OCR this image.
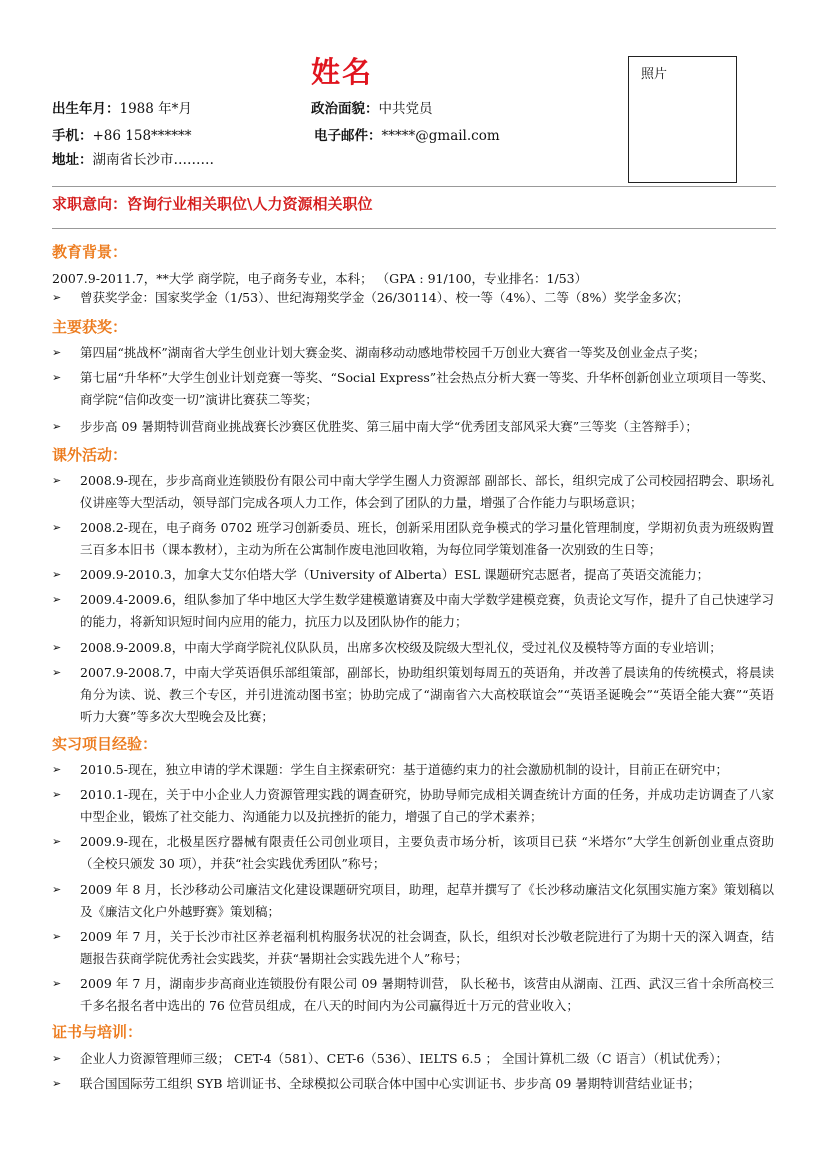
姓名	照片
出生年月：1988 年*月	政治面貌：中共党员
手机：+86 158******	电子邮件：*****@gmail.com
地址：湖南省长沙市………
求职意向：咨询行业相关职位\人力资源相关职位
教育背景：
2007.9-2011.7，**大学 商学院，电子商务专业，本科； （GPA : 91/100，专业排名：1/53）
➢ 曾获奖学金：国家奖学金（1/53）、世纪海翔奖学金（26/30114）、校一等（4%）、二等（8%）奖学金多次；
主要获奖：
➢ 第四届“挑战杯”湖南省大学生创业计划大赛金奖、湖南移动动感地带校园千万创业大赛省一等奖及创业金点子奖；
➢ 第七届“升华杯”大学生创业计划竞赛一等奖、“Social Express”社会热点分析大赛一等奖、升华杯创新创业立项项目一等奖、商学院“信仰改变一切”演讲比赛获二等奖；
➢ 步步高 09 暑期特训营商业挑战赛长沙赛区优胜奖、第三届中南大学“优秀团支部风采大赛”三等奖（主答辩手）；
课外活动：
➢ 2008.9-现在，步步高商业连锁股份有限公司中南大学学生圈人力资源部 副部长、部长，组织完成了公司校园招聘会、职场礼仪讲座等大型活动，领导部门完成各项人力工作，体会到了团队的力量，增强了合作能力与职场意识；
➢ 2008.2-现在，电子商务 0702 班学习创新委员、班长，创新采用团队竞争模式的学习量化管理制度，学期初负责为班级购置三百多本旧书（课本教材），主动为所在公寓制作废电池回收箱，为每位同学策划准备一次别致的生日等；
➢ 2009.9-2010.3，加拿大艾尔伯塔大学（University of Alberta）ESL 课题研究志愿者，提高了英语交流能力；
➢ 2009.4-2009.6，组队参加了华中地区大学生数学建模邀请赛及中南大学数学建模竞赛，负责论文写作，提升了自己快速学习的能力，将新知识短时间内应用的能力，抗压力以及团队协作的能力；
➢ 2008.9-2009.8，中南大学商学院礼仪队队员，出席多次校级及院级大型礼仪，受过礼仪及模特等方面的专业培训；
➢ 2007.9-2008.7，中南大学英语俱乐部组策部，副部长，协助组织策划每周五的英语角，并改善了晨读角的传统模式，将晨读角分为读、说、教三个专区，并引进流动图书室；协助完成了“湖南省六大高校联谊会”“英语圣诞晚会”“英语全能大赛”“英语听力大赛”等多次大型晚会及比赛；
实习项目经验：
➢ 2010.5-现在，独立申请的学术课题：学生自主探索研究：基于道德约束力的社会激励机制的设计，目前正在研究中；
➢ 2010.1-现在，关于中小企业人力资源管理实践的调查研究，协助导师完成相关调查统计方面的任务，并成功走访调查了八家中型企业，锻炼了社交能力、沟通能力以及抗挫折的能力，增强了自己的学术素养；
➢ 2009.9-现在，北极星医疗器械有限责任公司创业项目，主要负责市场分析，该项目已获 “米塔尔”大学生创新创业重点资助（全校只颁发 30 项），并获“社会实践优秀团队”称号；
➢ 2009 年 8 月，长沙移动公司廉洁文化建设课题研究项目，助理，起草并撰写了《长沙移动廉洁文化氛围实施方案》策划稿以及《廉洁文化户外越野赛》策划稿；
➢ 2009 年 7 月，关于长沙市社区养老福利机构服务状况的社会调查，队长，组织对长沙敬老院进行了为期十天的深入调查，结题报告获商学院优秀社会实践奖，并获“暑期社会实践先进个人”称号；
➢ 2009 年 7 月，湖南步步高商业连锁股份有限公司 09 暑期特训营， 队长秘书，该营由从湖南、江西、武汉三省十余所高校三千多名报名者中选出的 76 位营员组成，在八天的时间内为公司赢得近十万元的营业收入；
证书与培训：
➢ 企业人力资源管理师三级； CET-4（581）、CET-6（536）、IELTS 6.5 ； 全国计算机二级（C 语言）（机试优秀）；
➢ 联合国国际劳工组织 SYB 培训证书、全球模拟公司联合体中国中心实训证书、步步高 09 暑期特训营结业证书；
